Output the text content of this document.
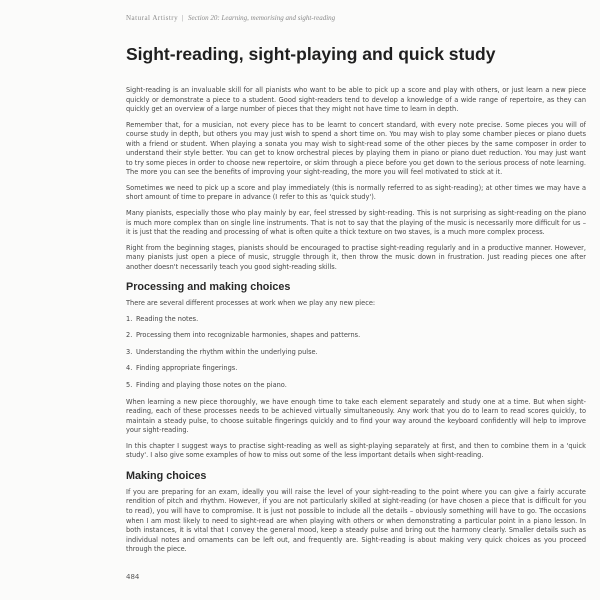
Natural Artistry | Section 20: Learning, memorising and sight-reading
Sight-reading, sight-playing and quick study

Sight-reading is an invaluable skill for all pianists who want to be able to pick up a score and play with others, or just learn a new piece quickly or demonstrate a piece to a student. Good sight-readers tend to develop a knowledge of a wide range of repertoire, as they can quickly get an overview of a large number of pieces that they might not have time to learn in depth.

Remember that, for a musician, not every piece has to be learnt to concert standard, with every note precise. Some pieces you will of course study in depth, but others you may just wish to spend a short time on. You may wish to play some chamber pieces or piano duets with a friend or student. When playing a sonata you may wish to sight-read some of the other pieces by the same composer in order to understand their style better. You can get to know orchestral pieces by playing them in piano or piano duet reduction. You may just want to try some pieces in order to choose new repertoire, or skim through a piece before you get down to the serious process of note learning. The more you can see the benefits of improving your sight-reading, the more you will feel motivated to stick at it.

Sometimes we need to pick up a score and play immediately (this is normally referred to as sight-reading); at other times we may have a short amount of time to prepare in advance (I refer to this as 'quick study').

Many pianists, especially those who play mainly by ear, feel stressed by sight-reading. This is not surprising as sight-reading on the piano is much more complex than on single line instruments. That is not to say that the playing of the music is necessarily more difficult for us – it is just that the reading and processing of what is often quite a thick texture on two staves, is a much more complex process.

Right from the beginning stages, pianists should be encouraged to practise sight-reading regularly and in a productive manner. However, many pianists just open a piece of music, struggle through it, then throw the music down in frustration. Just reading pieces one after another doesn't necessarily teach you good sight-reading skills.

Processing and making choices

There are several different processes at work when we play any new piece:

1. Reading the notes.
2. Processing them into recognizable harmonies, shapes and patterns.
3. Understanding the rhythm within the underlying pulse.
4. Finding appropriate fingerings.
5. Finding and playing those notes on the piano.

When learning a new piece thoroughly, we have enough time to take each element separately and study one at a time. But when sight-reading, each of these processes needs to be achieved virtually simultaneously. Any work that you do to learn to read scores quickly, to maintain a steady pulse, to choose suitable fingerings quickly and to find your way around the keyboard confidently will help to improve your sight-reading.

In this chapter I suggest ways to practise sight-reading as well as sight-playing separately at first, and then to combine them in a 'quick study'. I also give some examples of how to miss out some of the less important details when sight-reading.

Making choices

If you are preparing for an exam, ideally you will raise the level of your sight-reading to the point where you can give a fairly accurate rendition of pitch and rhythm. However, if you are not particularly skilled at sight-reading (or have chosen a piece that is difficult for you to read), you will have to compromise. It is just not possible to include all the details – obviously something will have to go. The occasions when I am most likely to need to sight-read are when playing with others or when demonstrating a particular point in a piano lesson. In both instances, it is vital that I convey the general mood, keep a steady pulse and bring out the harmony clearly. Smaller details such as individual notes and ornaments can be left out, and frequently are. Sight-reading is about making very quick choices as you proceed through the piece.

484
